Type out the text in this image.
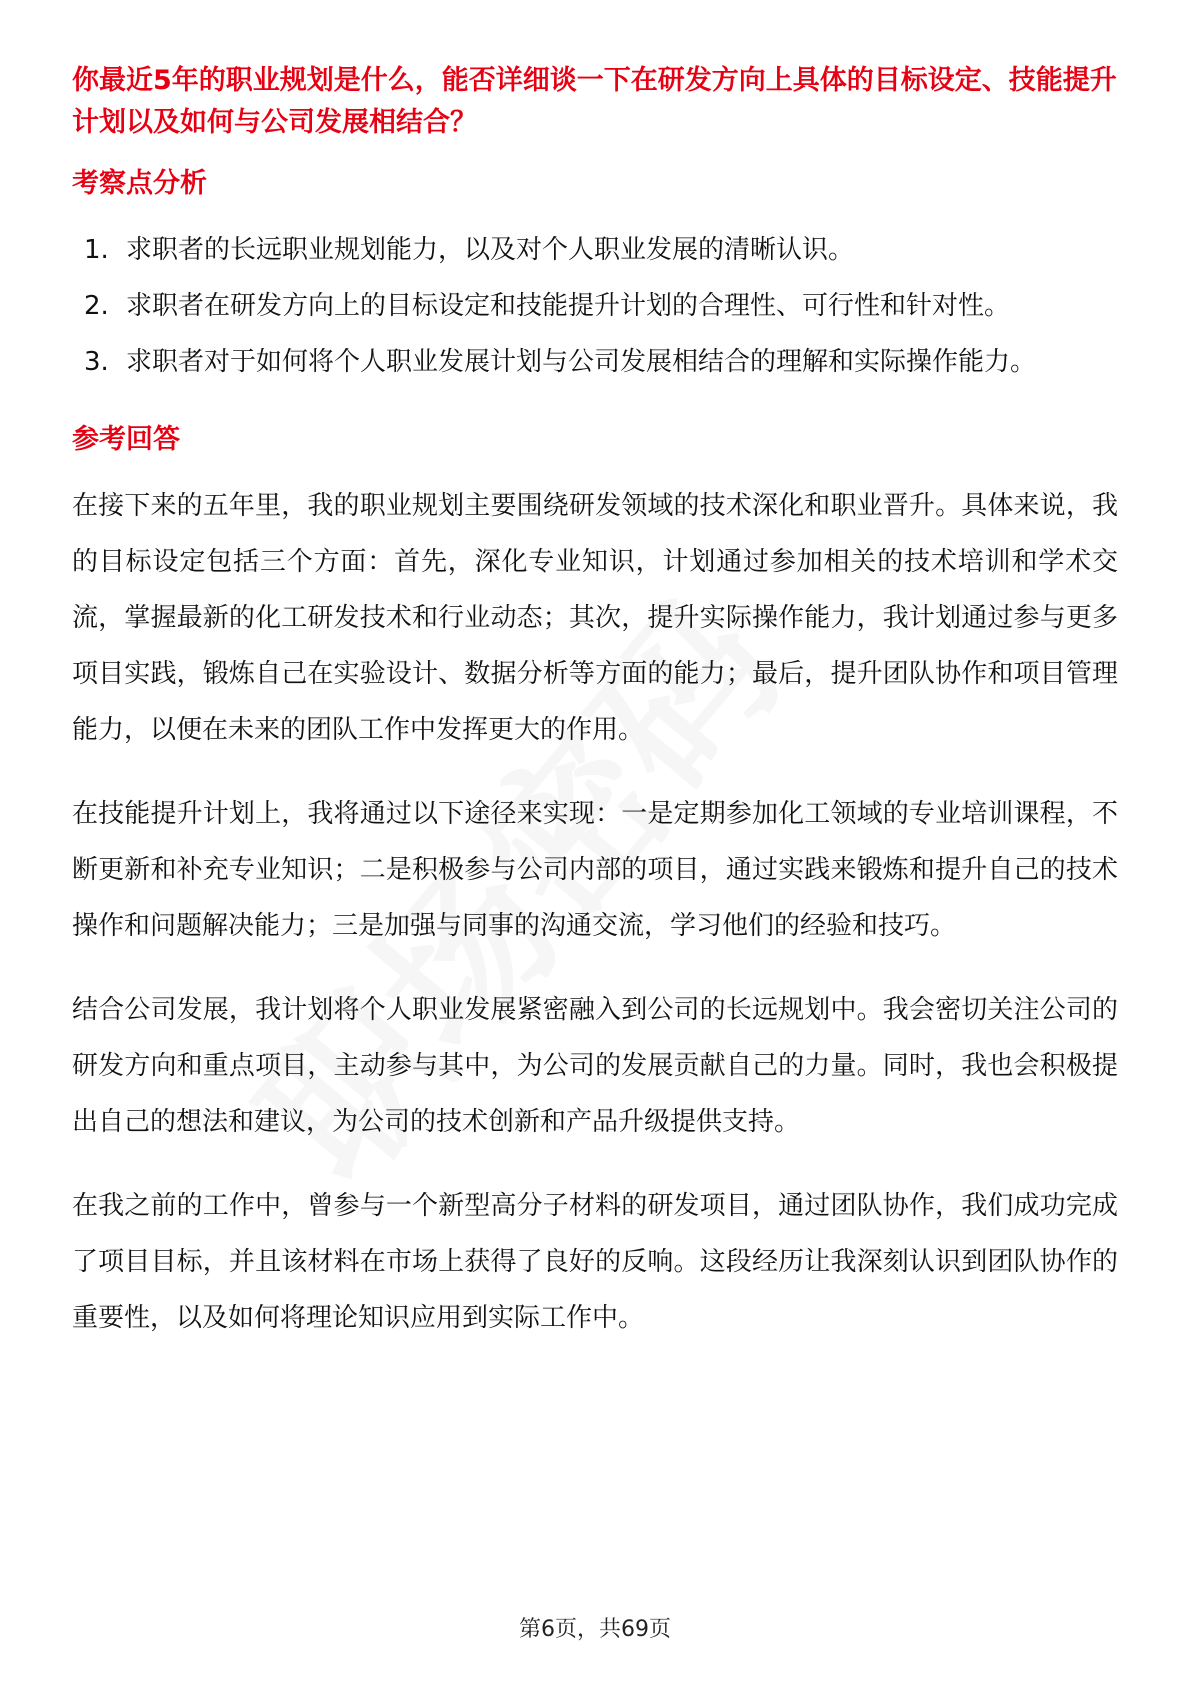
你最近5年的职业规划是什么，能否详细谈一下在研发方向上具体的目标设定、技能提升计划以及如何与公司发展相结合？

考察点分析
1. 求职者的长远职业规划能力，以及对个人职业发展的清晰认识。
2. 求职者在研发方向上的目标设定和技能提升计划的合理性、可行性和针对性。
3. 求职者对于如何将个人职业发展计划与公司发展相结合的理解和实际操作能力。
参考回答

在接下来的五年里，我的职业规划主要围绕研发领域的技术深化和职业晋升。具体来说，我的目标设定包括三个方面：首先，深化专业知识，计划通过参加相关的技术培训和学术交流，掌握最新的化工研发技术和行业动态；其次，提升实际操作能力，我计划通过参与更多项目实践，锻炼自己在实验设计、数据分析等方面的能力；最后，提升团队协作和项目管理能力，以便在未来的团队工作中发挥更大的作用。

在技能提升计划上，我将通过以下途径来实现：一是定期参加化工领域的专业培训课程，不断更新和补充专业知识；二是积极参与公司内部的项目，通过实践来锻炼和提升自己的技术操作和问题解决能力；三是加强与同事的沟通交流，学习他们的经验和技巧。

结合公司发展，我计划将个人职业发展紧密融入到公司的长远规划中。我会密切关注公司的研发方向和重点项目，主动参与其中，为公司的发展贡献自己的力量。同时，我也会积极提出自己的想法和建议，为公司的技术创新和产品升级提供支持。

在我之前的工作中，曾参与一个新型高分子材料的研发项目，通过团队协作，我们成功完成了项目目标，并且该材料在市场上获得了良好的反响。这段经历让我深刻认识到团队协作的重要性，以及如何将理论知识应用到实际工作中。

第6页，共69页
